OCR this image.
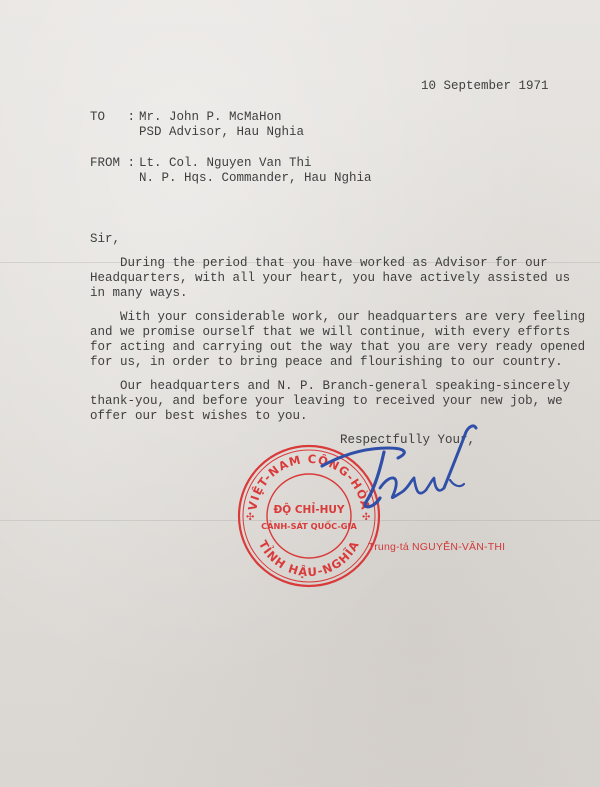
10 September 1971
TO   : Mr. John P. McMaHon
PSD Advisor, Hau Nghia
FROM : Lt. Col. Nguyen Van Thi
N. P. Hqs. Commander, Hau Nghia
Sir,
During the period that you have worked as Advisor for our
Headquarters, with all your heart, you have actively assisted us
in many ways.
With your considerable work, our headquarters are very feeling
and we promise ourself that we will continue, with every efforts
for acting and carrying out the way that you are very ready opened
for us, in order to bring peace and flourishing to our country.
Our headquarters and N. P. Branch-general speaking-sincerely
thank-you, and before your leaving to received your new job, we
offer our best wishes to you.
Respectfully Your,
VIỆT-NAM CỘNG-HÒA
TỈNH HẬU-NGHĨA
ĐỘ CHỈ-HUY
CẢNH-SÁT QUỐC-GIA
✣	✣
Trung-tá NGUYỄN-VĂN-THI
